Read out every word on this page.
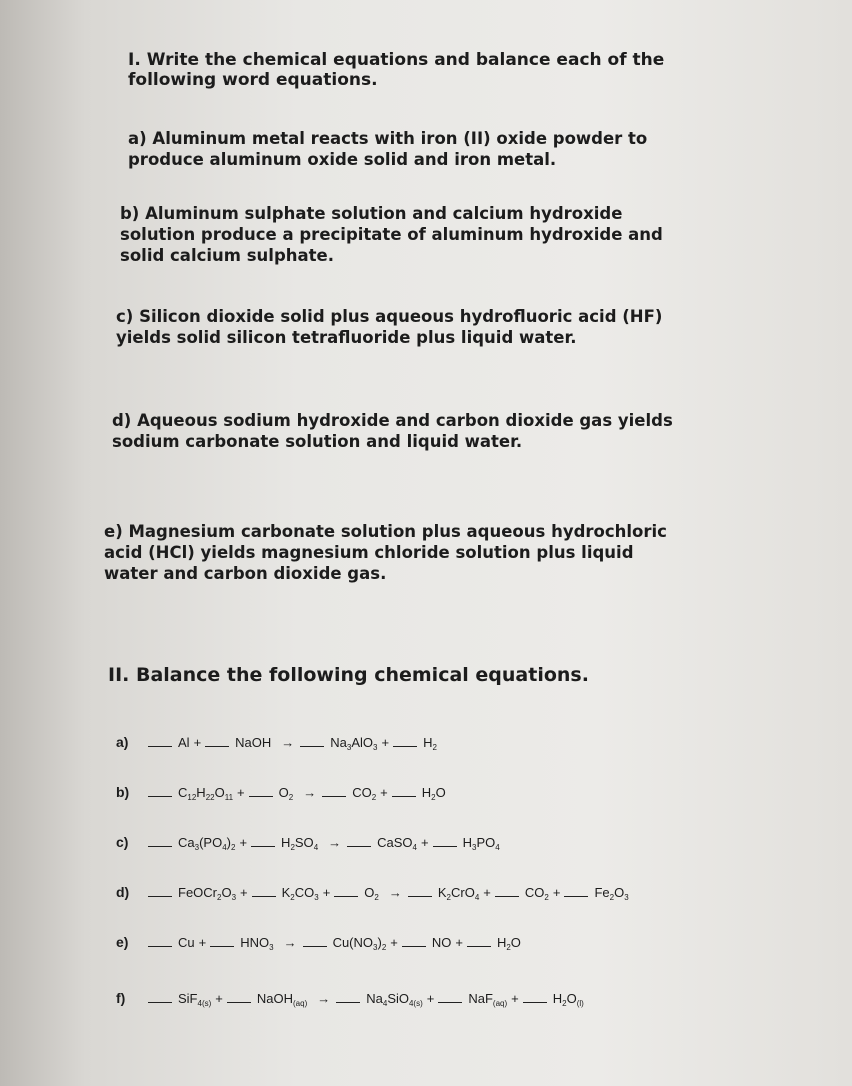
I. Write the chemical equations and balance each of the
following word equations.
a) Aluminum metal reacts with iron (II) oxide powder to
produce aluminum oxide solid and iron metal.
b) Aluminum sulphate solution and calcium hydroxide
solution produce a precipitate of aluminum hydroxide and
solid calcium sulphate.
c) Silicon dioxide solid plus aqueous hydrofluoric acid (HF)
yields solid silicon tetrafluoride plus liquid water.
d) Aqueous sodium hydroxide and carbon dioxide gas yields
sodium carbonate solution and liquid water.
e) Magnesium carbonate solution plus aqueous hydrochloric
acid (HCl) yields magnesium chloride solution plus liquid
water and carbon dioxide gas.
II. Balance the following chemical equations.
a)	Al +	NaOH →	$Na_3AlO_3$ +	$H_2$
b)	$C_{12}H_{22}O_{11}$ +	$O_2$ →	$CO_2$ +	$H_2O$
c)	$Ca_3(PO_4)_2$ +	$H_2SO_4$ →	CaSO$_4$ +	$H_3PO_4$
d)	$FeOCr_2O_3$ +	$K_2CO_3$ +	$O_2$ →	$K_2CrO_4$ +	$CO_2$ +	$Fe_2O_3$
e)	Cu +	$HNO_3$ →	$Cu(NO_3)_2$ +	NO +	$H_2O$
f)	SiF$_{4(s)}$ +	NaOH$_{(aq)}$ →	$Na_4SiO_{4(s)}$ +	NaF$_{(aq)}$ +	$H_2O_{(l)}$
